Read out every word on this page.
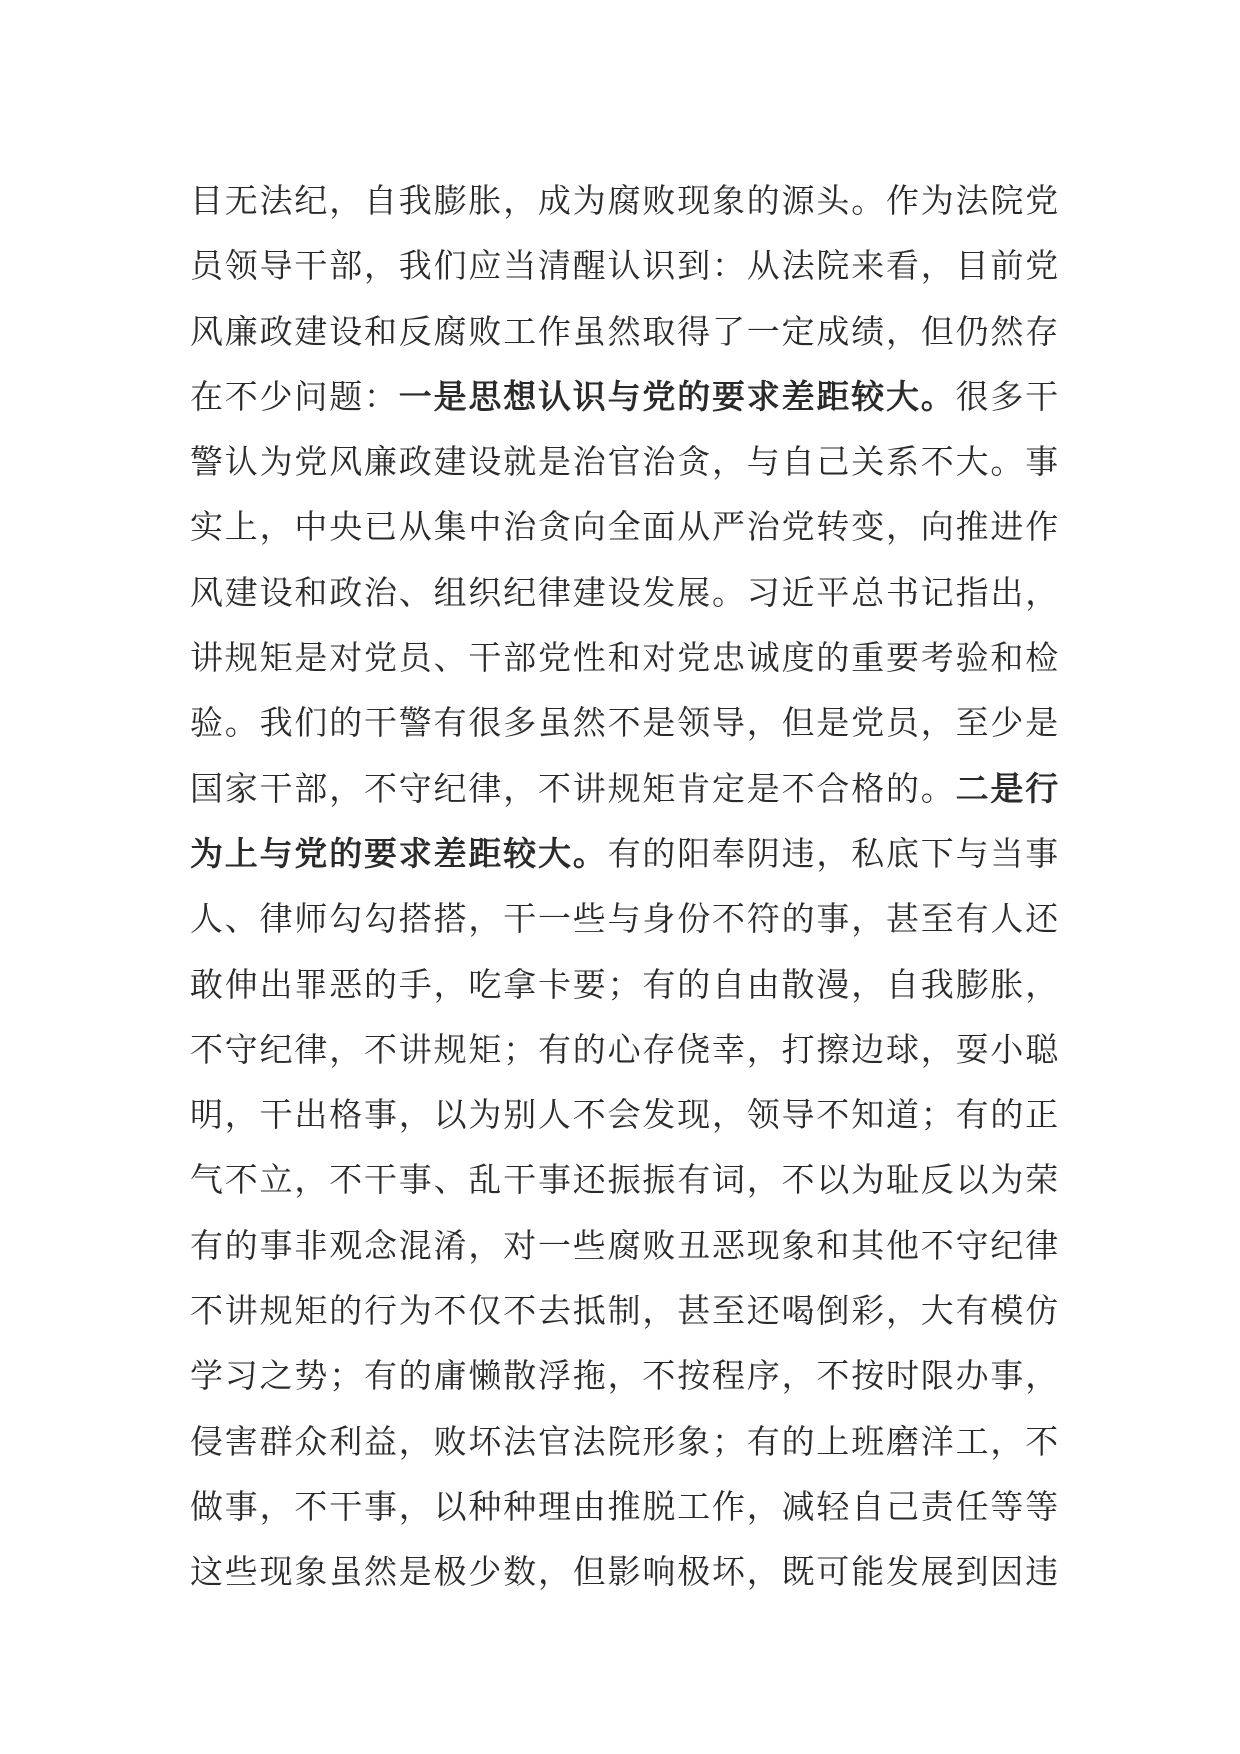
目无法纪，自我膨胀，成为腐败现象的源头。作为法院党
员领导干部，我们应当清醒认识到：从法院来看，目前党
风廉政建设和反腐败工作虽然取得了一定成绩，但仍然存
在不少问题：一是思想认识与党的要求差距较大。很多干
警认为党风廉政建设就是治官治贪，与自己关系不大。事
实上，中央已从集中治贪向全面从严治党转变，向推进作
风建设和政治、组织纪律建设发展。习近平总书记指出，
讲规矩是对党员、干部党性和对党忠诚度的重要考验和检
验。我们的干警有很多虽然不是领导，但是党员，至少是
国家干部，不守纪律，不讲规矩肯定是不合格的。二是行
为上与党的要求差距较大。有的阳奉阴违，私底下与当事
人、律师勾勾搭搭，干一些与身份不符的事，甚至有人还
敢伸出罪恶的手，吃拿卡要；有的自由散漫，自我膨胀，
不守纪律，不讲规矩；有的心存侥幸，打擦边球，耍小聪
明，干出格事，以为别人不会发现，领导不知道；有的正
气不立，不干事、乱干事还振振有词，不以为耻反以为荣
有的事非观念混淆，对一些腐败丑恶现象和其他不守纪律
不讲规矩的行为不仅不去抵制，甚至还喝倒彩，大有模仿
学习之势；有的庸懒散浮拖，不按程序，不按时限办事，
侵害群众利益，败坏法官法院形象；有的上班磨洋工，不
做事，不干事，以种种理由推脱工作，减轻自己责任等等
这些现象虽然是极少数，但影响极坏，既可能发展到因违
